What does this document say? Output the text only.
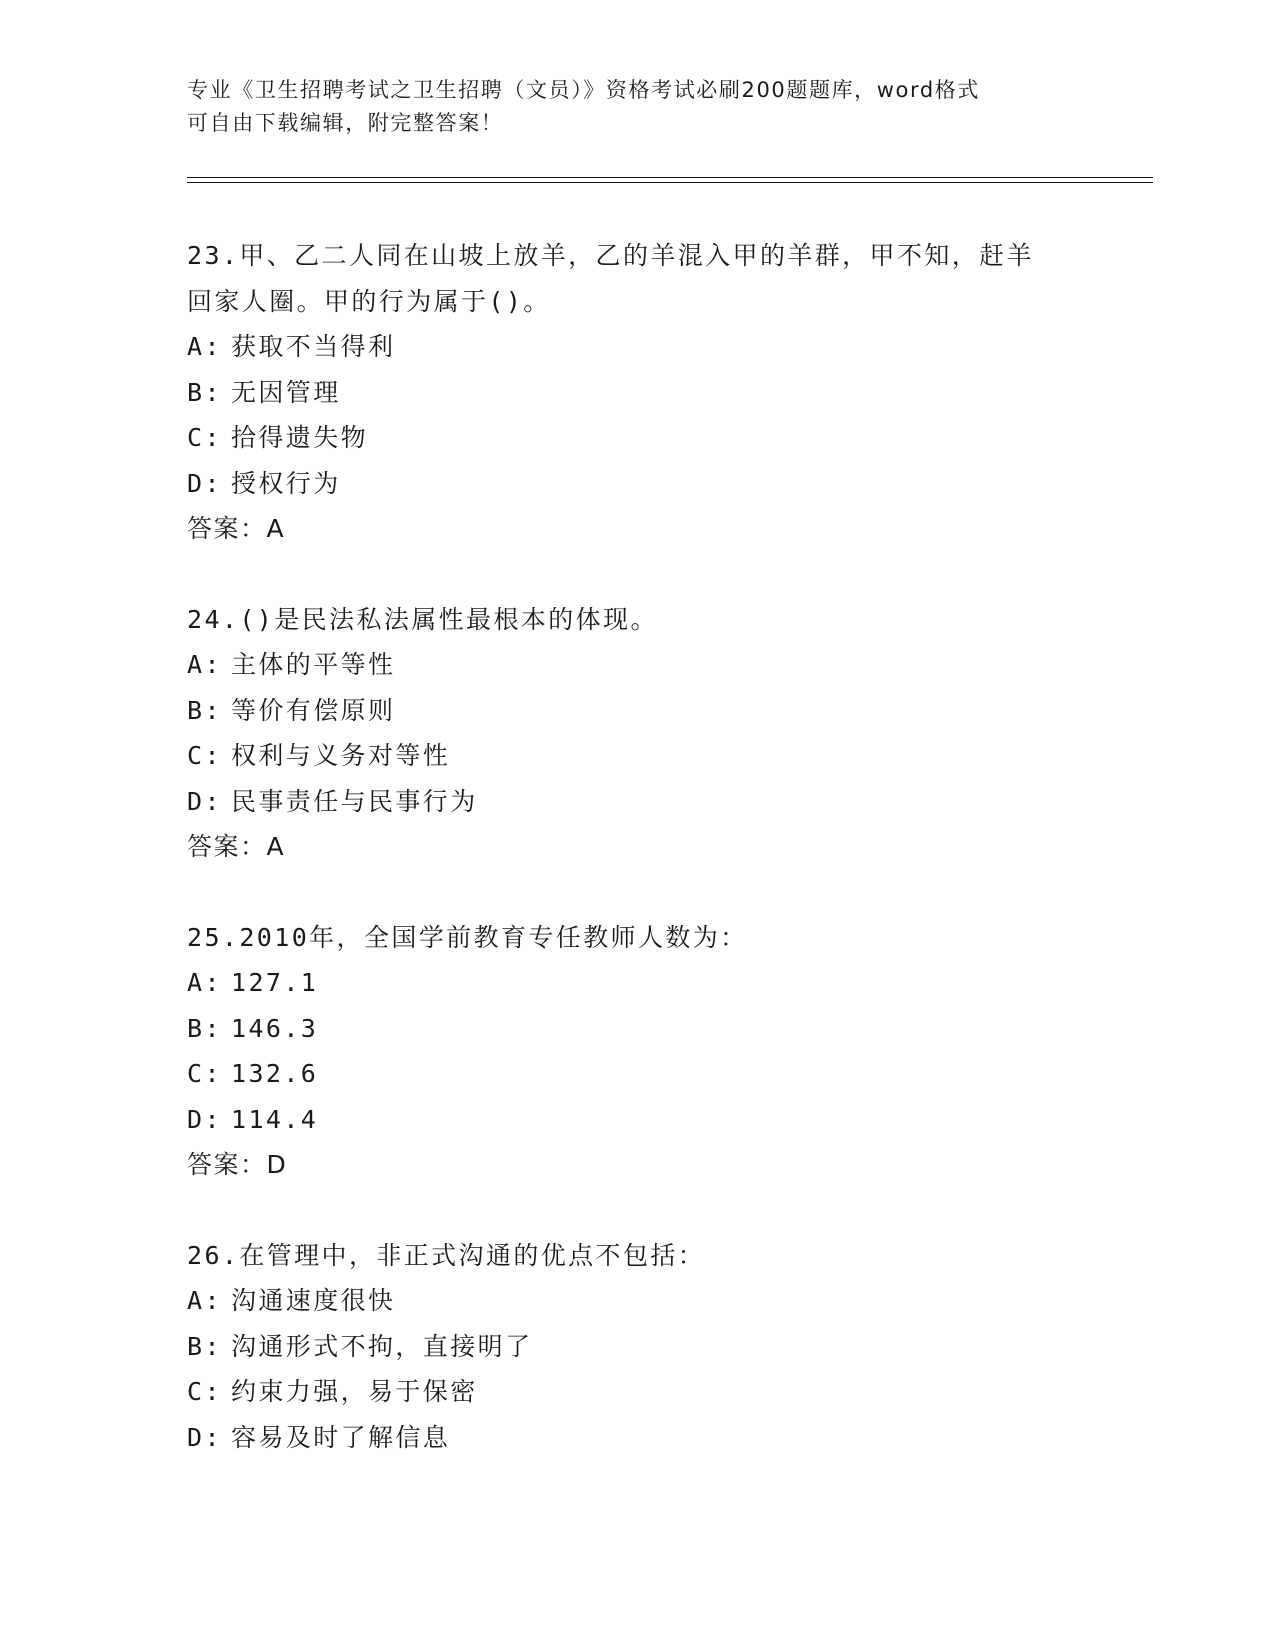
专业《卫生招聘考试之卫生招聘（文员）》资格考试必刷200题题库，word格式
可自由下载编辑，附完整答案！
23.甲、乙二人同在山坡上放羊，乙的羊混入甲的羊群，甲不知，赶羊
回家人圈。甲的行为属于()。
A: 获取不当得利
B: 无因管理
C: 拾得遗失物
D: 授权行为
答案：A
24.()是民法私法属性最根本的体现。
A: 主体的平等性
B: 等价有偿原则
C: 权利与义务对等性
D: 民事责任与民事行为
答案：A
25.2010年，全国学前教育专任教师人数为：
A: 127.1
B: 146.3
C: 132.6
D: 114.4
答案：D
26.在管理中，非正式沟通的优点不包括：
A: 沟通速度很快
B: 沟通形式不拘，直接明了
C: 约束力强，易于保密
D: 容易及时了解信息
